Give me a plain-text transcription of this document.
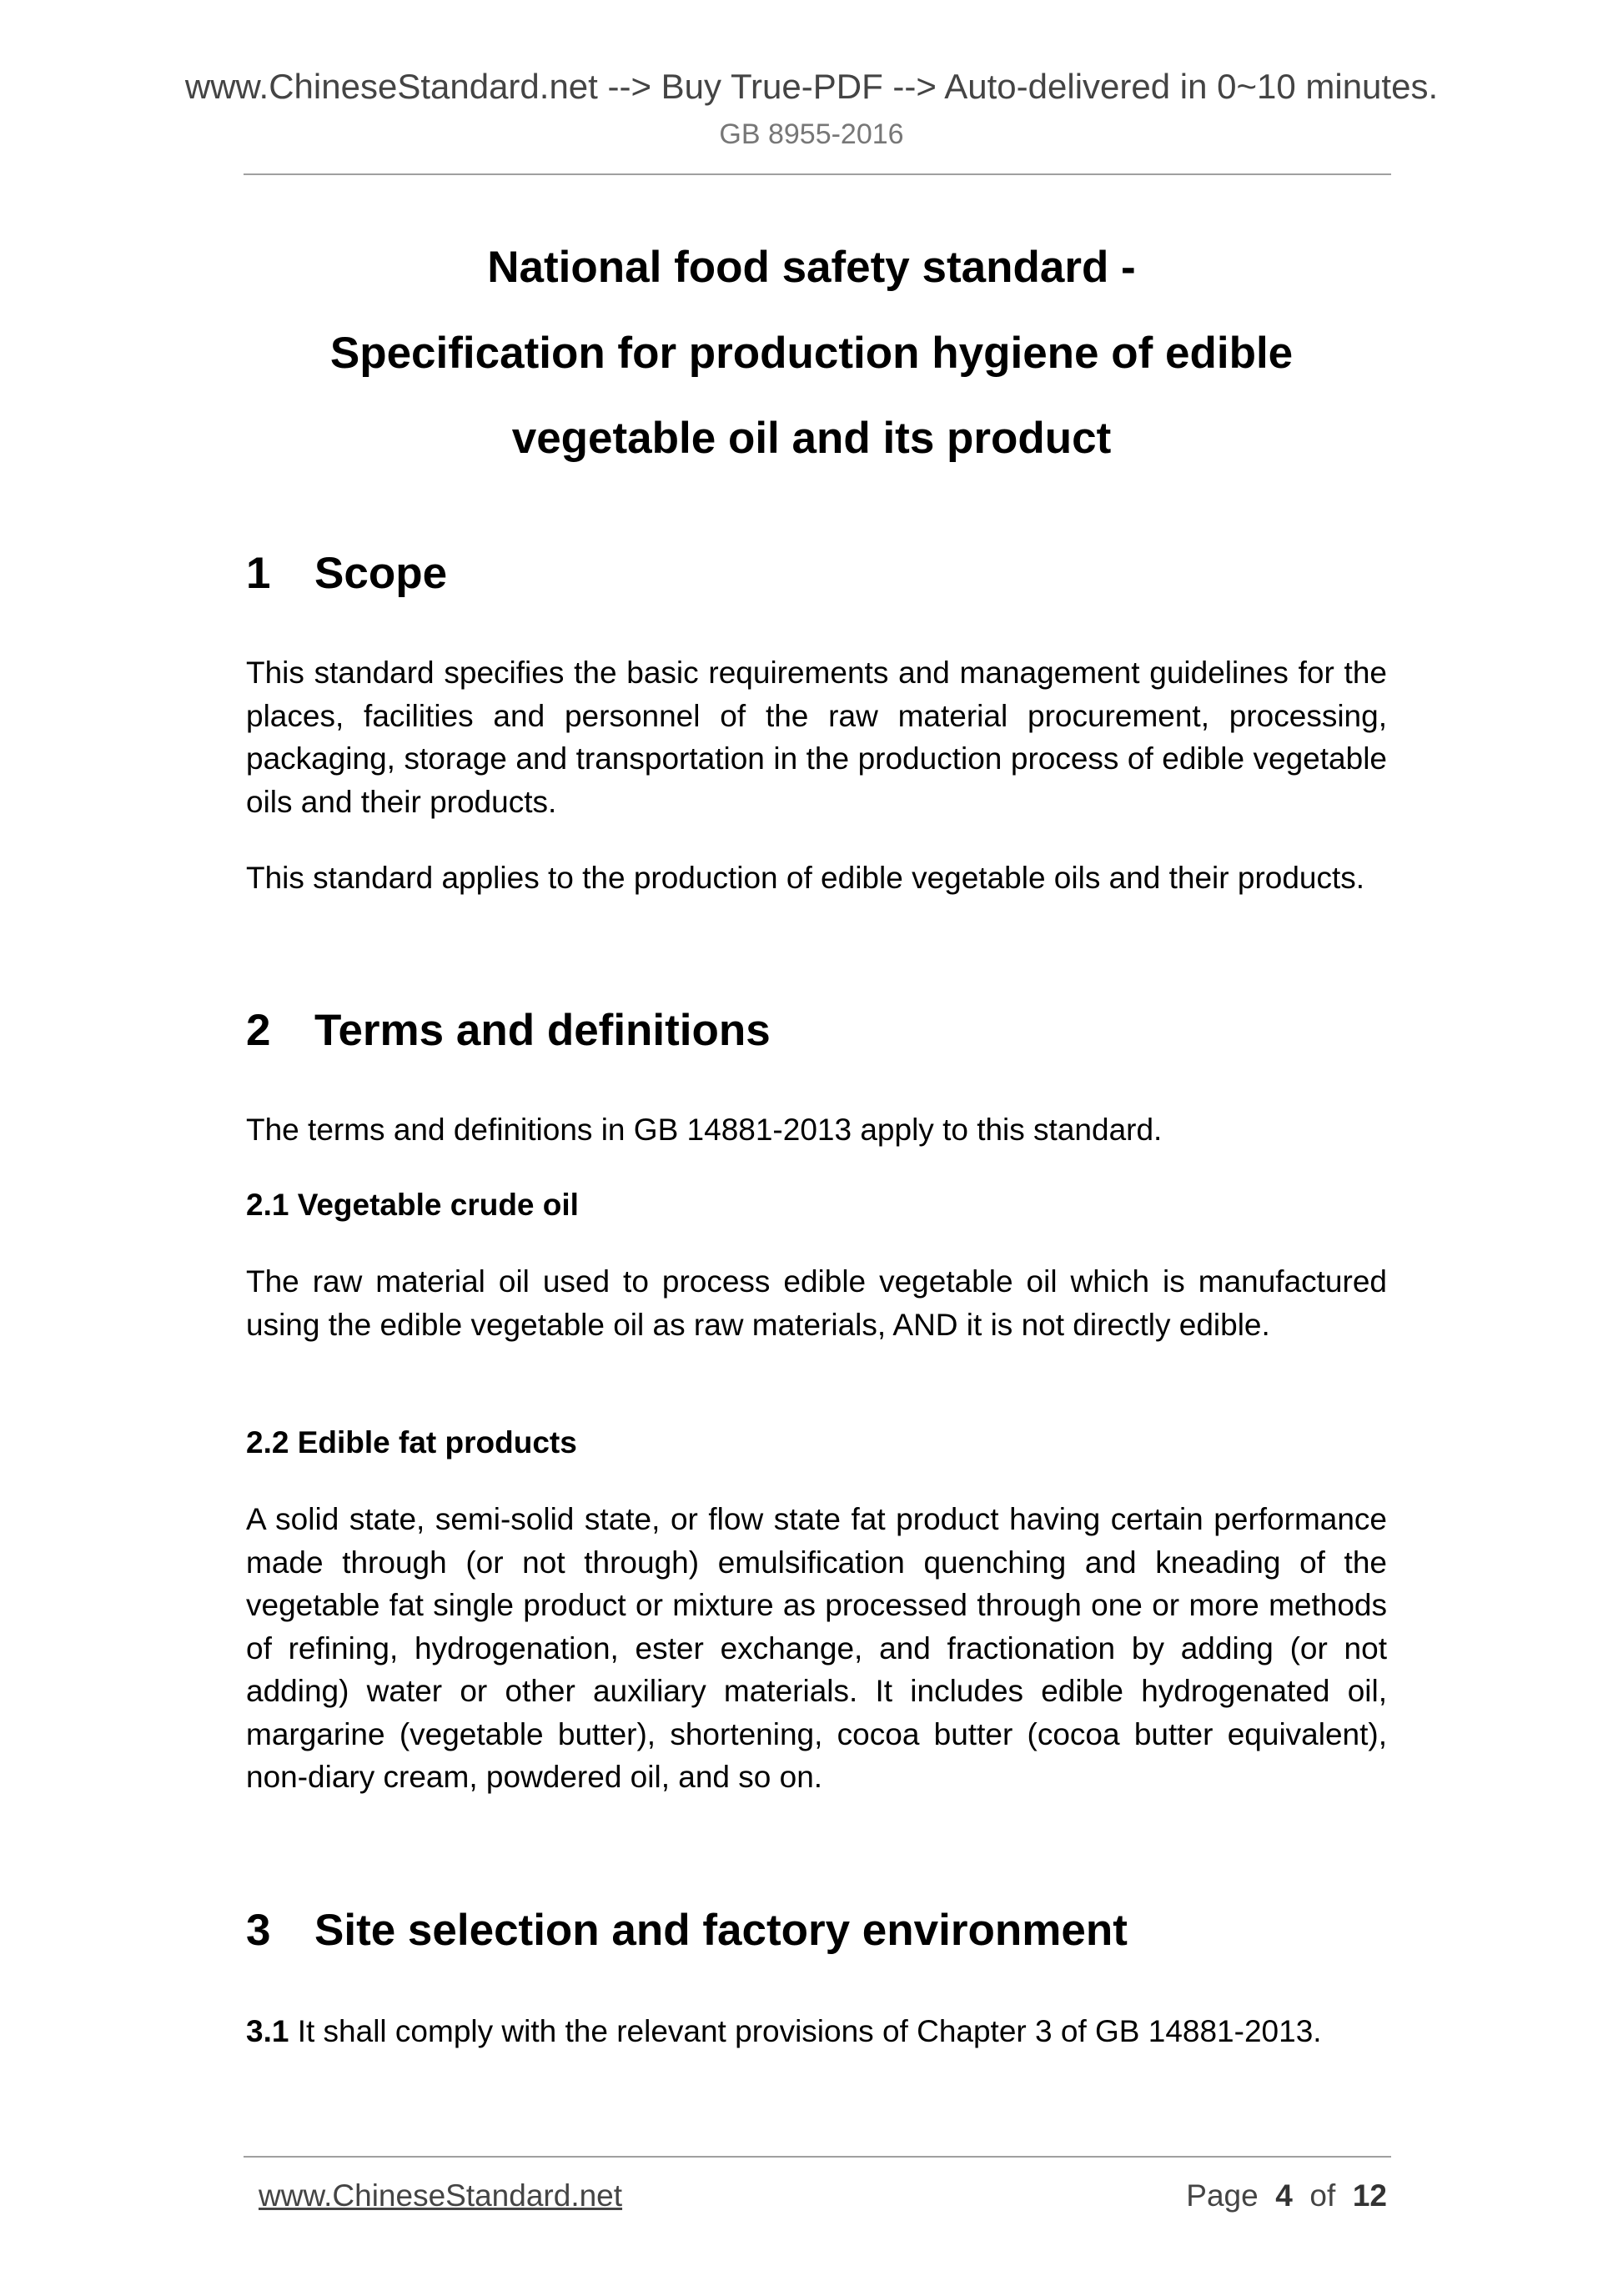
www.ChineseStandard.net --> Buy True-PDF --> Auto-delivered in 0~10 minutes.
GB 8955-2016
National food safety standard -
Specification for production hygiene of edible
vegetable oil and its product
1 Scope
This standard specifies the basic requirements and management guidelines for the places, facilities and personnel of the raw material procurement, processing, packaging, storage and transportation in the production process of edible vegetable oils and their products.
This standard applies to the production of edible vegetable oils and their products.
2 Terms and definitions
The terms and definitions in GB 14881-2013 apply to this standard.
2.1 Vegetable crude oil
The raw material oil used to process edible vegetable oil which is manufactured using the edible vegetable oil as raw materials, AND it is not directly edible.
2.2 Edible fat products
A solid state, semi-solid state, or flow state fat product having certain performance made through (or not through) emulsification quenching and kneading of the vegetable fat single product or mixture as processed through one or more methods of refining, hydrogenation, ester exchange, and fractionation by adding (or not adding) water or other auxiliary materials. It includes edible hydrogenated oil, margarine (vegetable butter), shortening, cocoa butter (cocoa butter equivalent), non-diary cream, powdered oil, and so on.
3 Site selection and factory environment
3.1 It shall comply with the relevant provisions of Chapter 3 of GB 14881-2013.
www.ChineseStandard.net	Page 4 of 12
